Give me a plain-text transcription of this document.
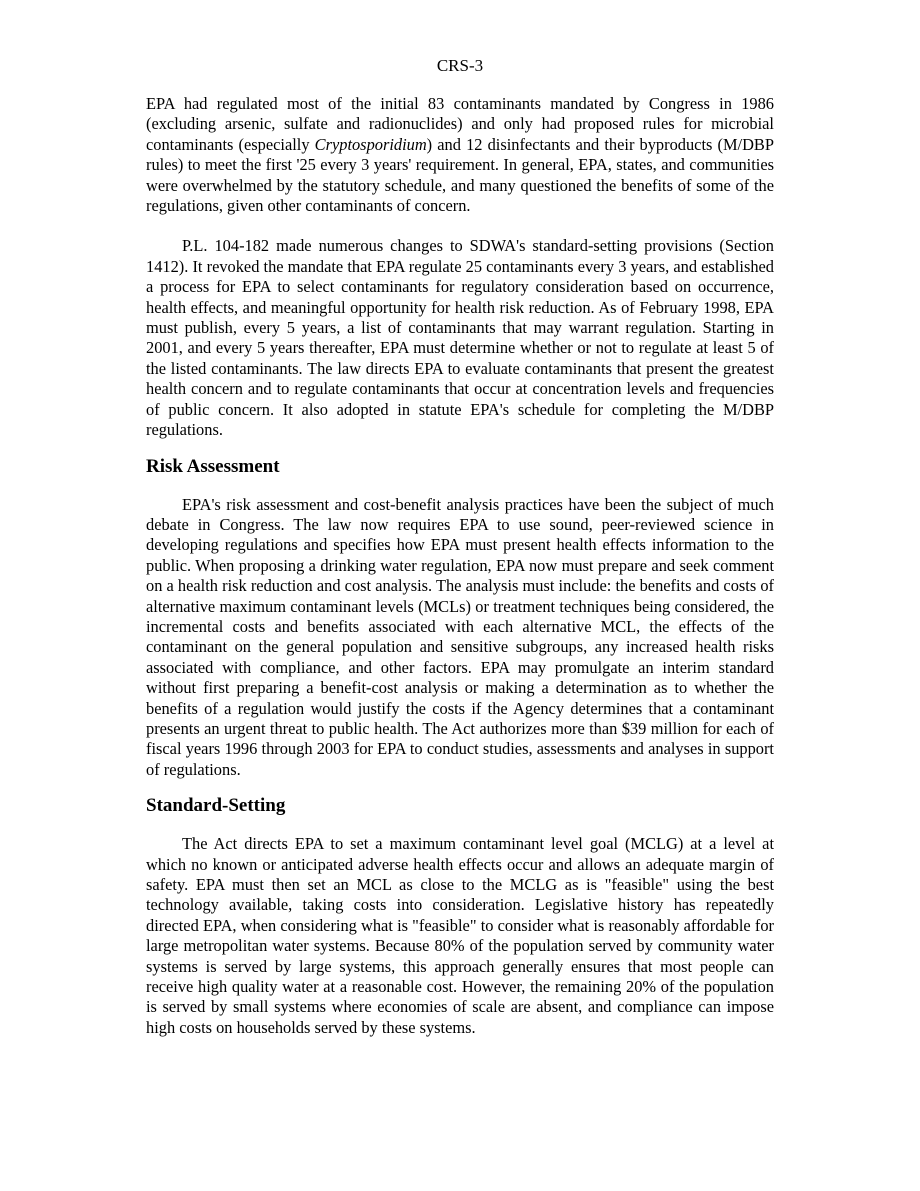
CRS-3

EPA had regulated most of the initial 83 contaminants mandated by Congress in 1986 (excluding arsenic, sulfate and radionuclides) and only had proposed rules for microbial contaminants (especially Cryptosporidium) and 12 disinfectants and their byproducts (M/DBP rules) to meet the first '25 every 3 years' requirement. In general, EPA, states, and communities were overwhelmed by the statutory schedule, and many questioned the benefits of some of the regulations, given other contaminants of concern.

P.L. 104-182 made numerous changes to SDWA's standard-setting provisions (Section 1412). It revoked the mandate that EPA regulate 25 contaminants every 3 years, and established a process for EPA to select contaminants for regulatory consideration based on occurrence, health effects, and meaningful opportunity for health risk reduction. As of February 1998, EPA must publish, every 5 years, a list of contaminants that may warrant regulation. Starting in 2001, and every 5 years thereafter, EPA must determine whether or not to regulate at least 5 of the listed contaminants. The law directs EPA to evaluate contaminants that present the greatest health concern and to regulate contaminants that occur at concentration levels and frequencies of public concern. It also adopted in statute EPA's schedule for completing the M/DBP regulations.

Risk Assessment

EPA's risk assessment and cost-benefit analysis practices have been the subject of much debate in Congress. The law now requires EPA to use sound, peer-reviewed science in developing regulations and specifies how EPA must present health effects information to the public. When proposing a drinking water regulation, EPA now must prepare and seek comment on a health risk reduction and cost analysis. The analysis must include: the benefits and costs of alternative maximum contaminant levels (MCLs) or treatment techniques being considered, the incremental costs and benefits associated with each alternative MCL, the effects of the contaminant on the general population and sensitive subgroups, any increased health risks associated with compliance, and other factors. EPA may promulgate an interim standard without first preparing a benefit-cost analysis or making a determination as to whether the benefits of a regulation would justify the costs if the Agency determines that a contaminant presents an urgent threat to public health. The Act authorizes more than $39 million for each of fiscal years 1996 through 2003 for EPA to conduct studies, assessments and analyses in support of regulations.

Standard-Setting

The Act directs EPA to set a maximum contaminant level goal (MCLG) at a level at which no known or anticipated adverse health effects occur and allows an adequate margin of safety. EPA must then set an MCL as close to the MCLG as is "feasible" using the best technology available, taking costs into consideration. Legislative history has repeatedly directed EPA, when considering what is "feasible" to consider what is reasonably affordable for large metropolitan water systems. Because 80% of the population served by community water systems is served by large systems, this approach generally ensures that most people can receive high quality water at a reasonable cost. However, the remaining 20% of the population is served by small systems where economies of scale are absent, and compliance can impose high costs on households served by these systems.
